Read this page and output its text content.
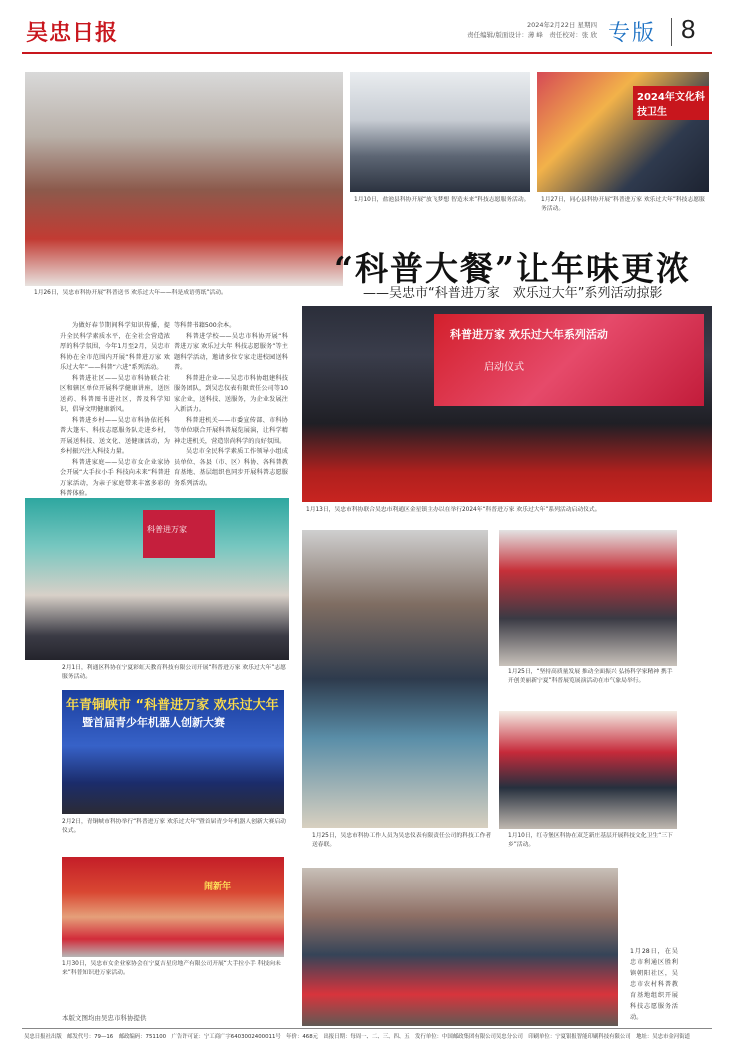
吴忠日报	2024年2月22日 星期四
责任编辑/版面设计：薄 峰　责任校对：张 欣 专版 8
1月26日，吴忠市科协开展“科普送书 欢乐过大年——科是成语剪纸”活动。
1月10日，盐池县科协开展“放飞梦想 智造未来”科技志愿服务活动。
2024年文化科技卫生
1月27日，同心县科协开展“科普进万家 欢乐过大年”科技志愿服务活动。
“科普大餐”让年味更浓
——吴忠市“科普进万家　欢乐过大年”系列活动掠影

为做好春节期间科学知识传播，提升全民科学素质水平，在全社会营造浓厚的科学氛围，今年1月至2月，吴忠市科协在全市范围内开展“科普进万家 欢乐过大年”——科普“六进”系列活动。

科普进社区——吴忠市科协联合社区和辖区单位开展科学健康讲座，送医送药、科普图书进社区，普及科学知识，倡导文明健康新风。

科普进乡村——吴忠市科协依托科普大篷车、科技志愿服务队走进乡村，开展送科技、送文化、送健康活动，为乡村振兴注入科技力量。

科普进家庭——吴忠市女企业家协会开展“大手拉小手 科技向未来”科普进万家活动，为亲子家庭带来丰富多彩的科普体验。

等科普书籍500余本。

科普进学校——吴忠市科协开展“科普进万家 欢乐过大年 科技志愿服务”等主题科学活动，邀请多位专家走进校园送科普。

科普进企业——吴忠市科协组建科技服务团队，到吴忠仪表有限责任公司等10家企业，送科技、送服务，为企业发展注入新活力。

科普进机关——市委宣传部、市科协等单位联合开展科普展览展演，让科学精神走进机关，营造崇尚科学的良好氛围。

吴忠市全民科学素质工作领导小组成员单位、各县（市、区）科协、各科普教育基地、基层组织也同步开展科普志愿服务系列活动。

科普进万家 欢乐过大年系列活动
启动仪式
1月13日，吴忠市科协联合吴忠市利通区金星镇主办以在举行2024年“科普进万家 欢乐过大年”系列活动启动仪式。
科普进万家
2月1日，利通区科协在宁夏彩虹天教育科技有限公司开展“科普进万家 欢乐过大年”志愿服务活动。
年青铜峡市 “科普进万家 欢乐过大年
暨首届青少年机器人创新大赛
2月2日，青铜峡市科协举行“科普进万家 欢乐过大年”暨首届青少年机器人创新大赛启动仪式。
闹新年
1月30日，吴忠市女企业家协会在宁夏吉星房地产有限公司开展“大手拉小手 科技向未来”科普知识进万家活动。
1月25日，吴忠市科协工作人员为吴忠仪表有限责任公司的科技工作者送春联。
1月25日，“坚持高质量发展 推动全面振兴 弘扬科学家精神 携手开创美丽新宁夏”科普展览展演活动在市气象局举行。
1月10日，红寺堡区科协在双芝新庄基层开展科技文化卫生“三下乡”活动。
1月28日，在吴忠市利通区胜利镇朝阳社区，吴忠市农村科普教育基地组织开展科技志愿服务活动。
本版文图均由吴忠市科协提供
吴忠日报社出版　邮发代号：79—16　邮政编码：751100　广告许可证：宁工商广字6403002400011号　年价：468元　出报日期：每周一、二、三、四、五　发行单位：中国邮政集团有限公司吴忠分公司　印刷单位：宁夏银报智能印刷科技有限公司　地址：吴忠市金河街道
